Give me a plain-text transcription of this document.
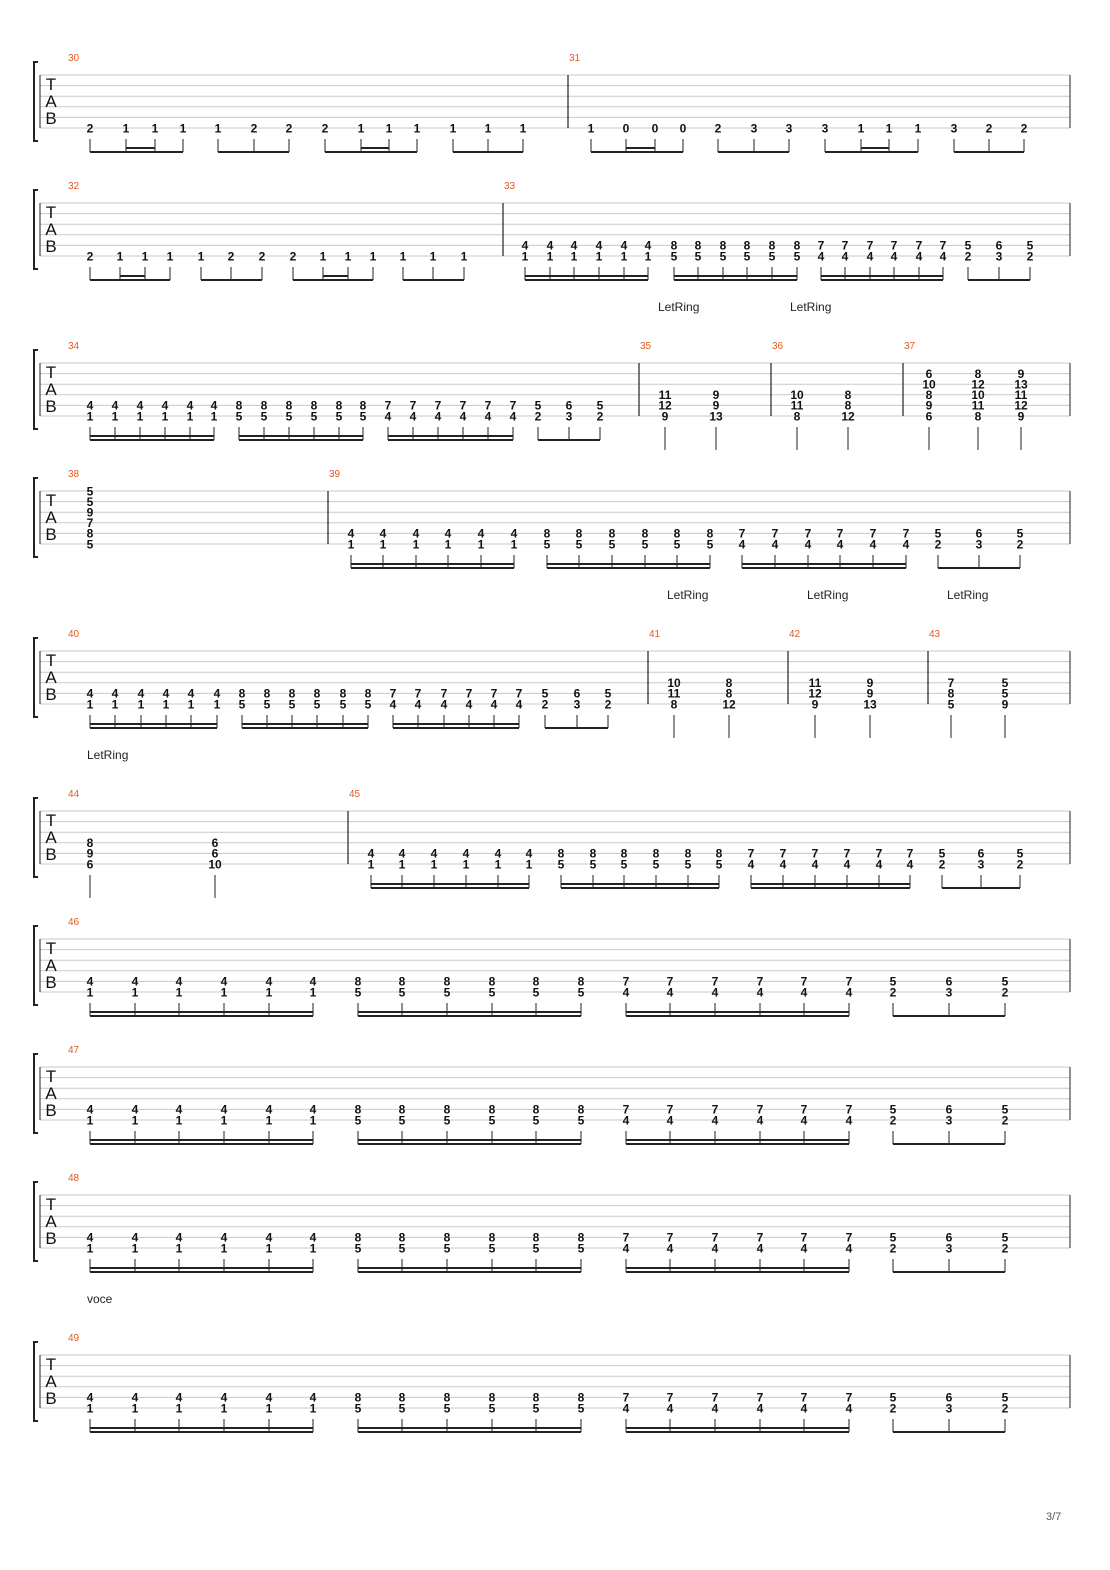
T
A
B
30
2 1 1 1 1 2 2 2 1 1 1 1 1 1
31
1 0 0 0 2 3 3 3 1 1 1 3 2 2
T
A
B
32
2 1 1 1 1 2 2 2 1 1 1 1 1 1
33
4
1
4
1
4
1
4
1
4
1
4
1
8
5
8
5
8
5
8
5
8
5
8
5
7
4
7
4
7
4
7
4
7
4
7
4
5
2
6
3
5
2
T
A
B
34
4
1
4
1
4
1
4
1
4
1
4
1
8
5
8
5
8
5
8
5
8
5
8
5
7
4
7
4
7
4
7
4
7
4
7
4
5
2
6
3
5
2
35
LetRing
11
12
9
9
9
13
36
LetRing
10
11
8
8
8
12
37
6
10
8
9
6
8
12
10
11
8
9
13
11
12
9
T
A
B
38
5
5
9
7
8
5
39
4
1
4
1
4
1
4
1
4
1
4
1
8
5
8
5
8
5
8
5
8
5
8
5
7
4
7
4
7
4
7
4
7
4
7
4
5
2
6
3
5
2
T
A
B
40
4
1
4
1
4
1
4
1
4
1
4
1
8
5
8
5
8
5
8
5
8
5
8
5
7
4
7
4
7
4
7
4
7
4
7
4
5
2
6
3
5
2
41
LetRing
10
11
8
8
8
12
42
LetRing
11
12
9
9
9
13
43
LetRing
7
8
5
5
5
9
T
A
B
44
LetRing
8
9
6
6
6
10
45
4
1
4
1
4
1
4
1
4
1
4
1
8
5
8
5
8
5
8
5
8
5
8
5
7
4
7
4
7
4
7
4
7
4
7
4
5
2
6
3
5
2
T
A
B
46
4
1
4
1
4
1
4
1
4
1
4
1
8
5
8
5
8
5
8
5
8
5
8
5
7
4
7
4
7
4
7
4
7
4
7
4
5
2
6
3
5
2
T
A
B
47
4
1
4
1
4
1
4
1
4
1
4
1
8
5
8
5
8
5
8
5
8
5
8
5
7
4
7
4
7
4
7
4
7
4
7
4
5
2
6
3
5
2
T
A
B
48
4
1
4
1
4
1
4
1
4
1
4
1
8
5
8
5
8
5
8
5
8
5
8
5
7
4
7
4
7
4
7
4
7
4
7
4
5
2
6
3
5
2
T
A
B
49
voce
4
1
4
1
4
1
4
1
4
1
4
1
8
5
8
5
8
5
8
5
8
5
8
5
7
4
7
4
7
4
7
4
7
4
7
4
5
2
6
3
5
2
3/7
